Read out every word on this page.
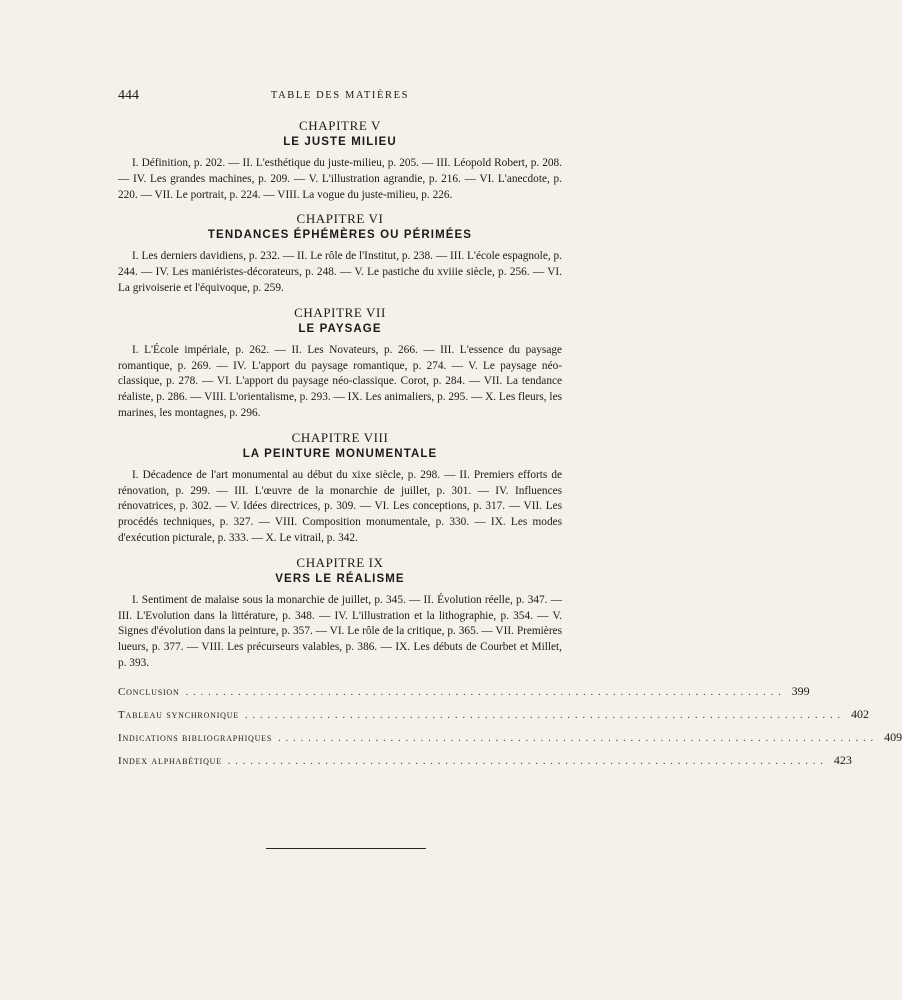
444	TABLE DES MATIÈRES
CHAPITRE V
LE JUSTE MILIEU

I. Définition, p. 202. — II. L'esthétique du juste-milieu, p. 205. — III. Léopold Robert, p. 208. — IV. Les grandes machines, p. 209. — V. L'illustration agrandie, p. 216. — VI. L'anecdote, p. 220. — VII. Le portrait, p. 224. — VIII. La vogue du juste-milieu, p. 226.

CHAPITRE VI
TENDANCES ÉPHÉMÈRES OU PÉRIMÉES

I. Les derniers davidiens, p. 232. — II. Le rôle de l'Institut, p. 238. — III. L'école espagnole, p. 244. — IV. Les maniéristes-décorateurs, p. 248. — V. Le pastiche du xviiie siècle, p. 256. — VI. La grivoiserie et l'équivoque, p. 259.

CHAPITRE VII
LE PAYSAGE

I. L'École impériale, p. 262. — II. Les Novateurs, p. 266. — III. L'essence du paysage romantique, p. 269. — IV. L'apport du paysage romantique, p. 274. — V. Le paysage néo-classique, p. 278. — VI. L'apport du paysage néo-classique. Corot, p. 284. — VII. La tendance réaliste, p. 286. — VIII. L'orientalisme, p. 293. — IX. Les animaliers, p. 295. — X. Les fleurs, les marines, les montagnes, p. 296.

CHAPITRE VIII
LA PEINTURE MONUMENTALE

I. Décadence de l'art monumental au début du xixe siècle, p. 298. — II. Premiers efforts de rénovation, p. 299. — III. L'œuvre de la monarchie de juillet, p. 301. — IV. Influences rénovatrices, p. 302. — V. Idées directrices, p. 309. — VI. Les conceptions, p. 317. — VII. Les procédés techniques, p. 327. — VIII. Composition monumentale, p. 330. — IX. Les modes d'exécution picturale, p. 333. — X. Le vitrail, p. 342.

CHAPITRE IX
VERS LE RÉALISME

I. Sentiment de malaise sous la monarchie de juillet, p. 345. — II. Évolution réelle, p. 347. — III. L'Evolution dans la littérature, p. 348. — IV. L'illustration et la lithographie, p. 354. — V. Signes d'évolution dans la peinture, p. 357. — VI. Le rôle de la critique, p. 365. — VII. Premières lueurs, p. 377. — VIII. Les précurseurs valables, p. 386. — IX. Les débuts de Courbet et Millet, p. 393.

Conclusion ................................................................................ 399
Tableau synchronique ................................................................................ 402
Indications bibliographiques ................................................................................ 409
Index alphabétique ................................................................................ 423
